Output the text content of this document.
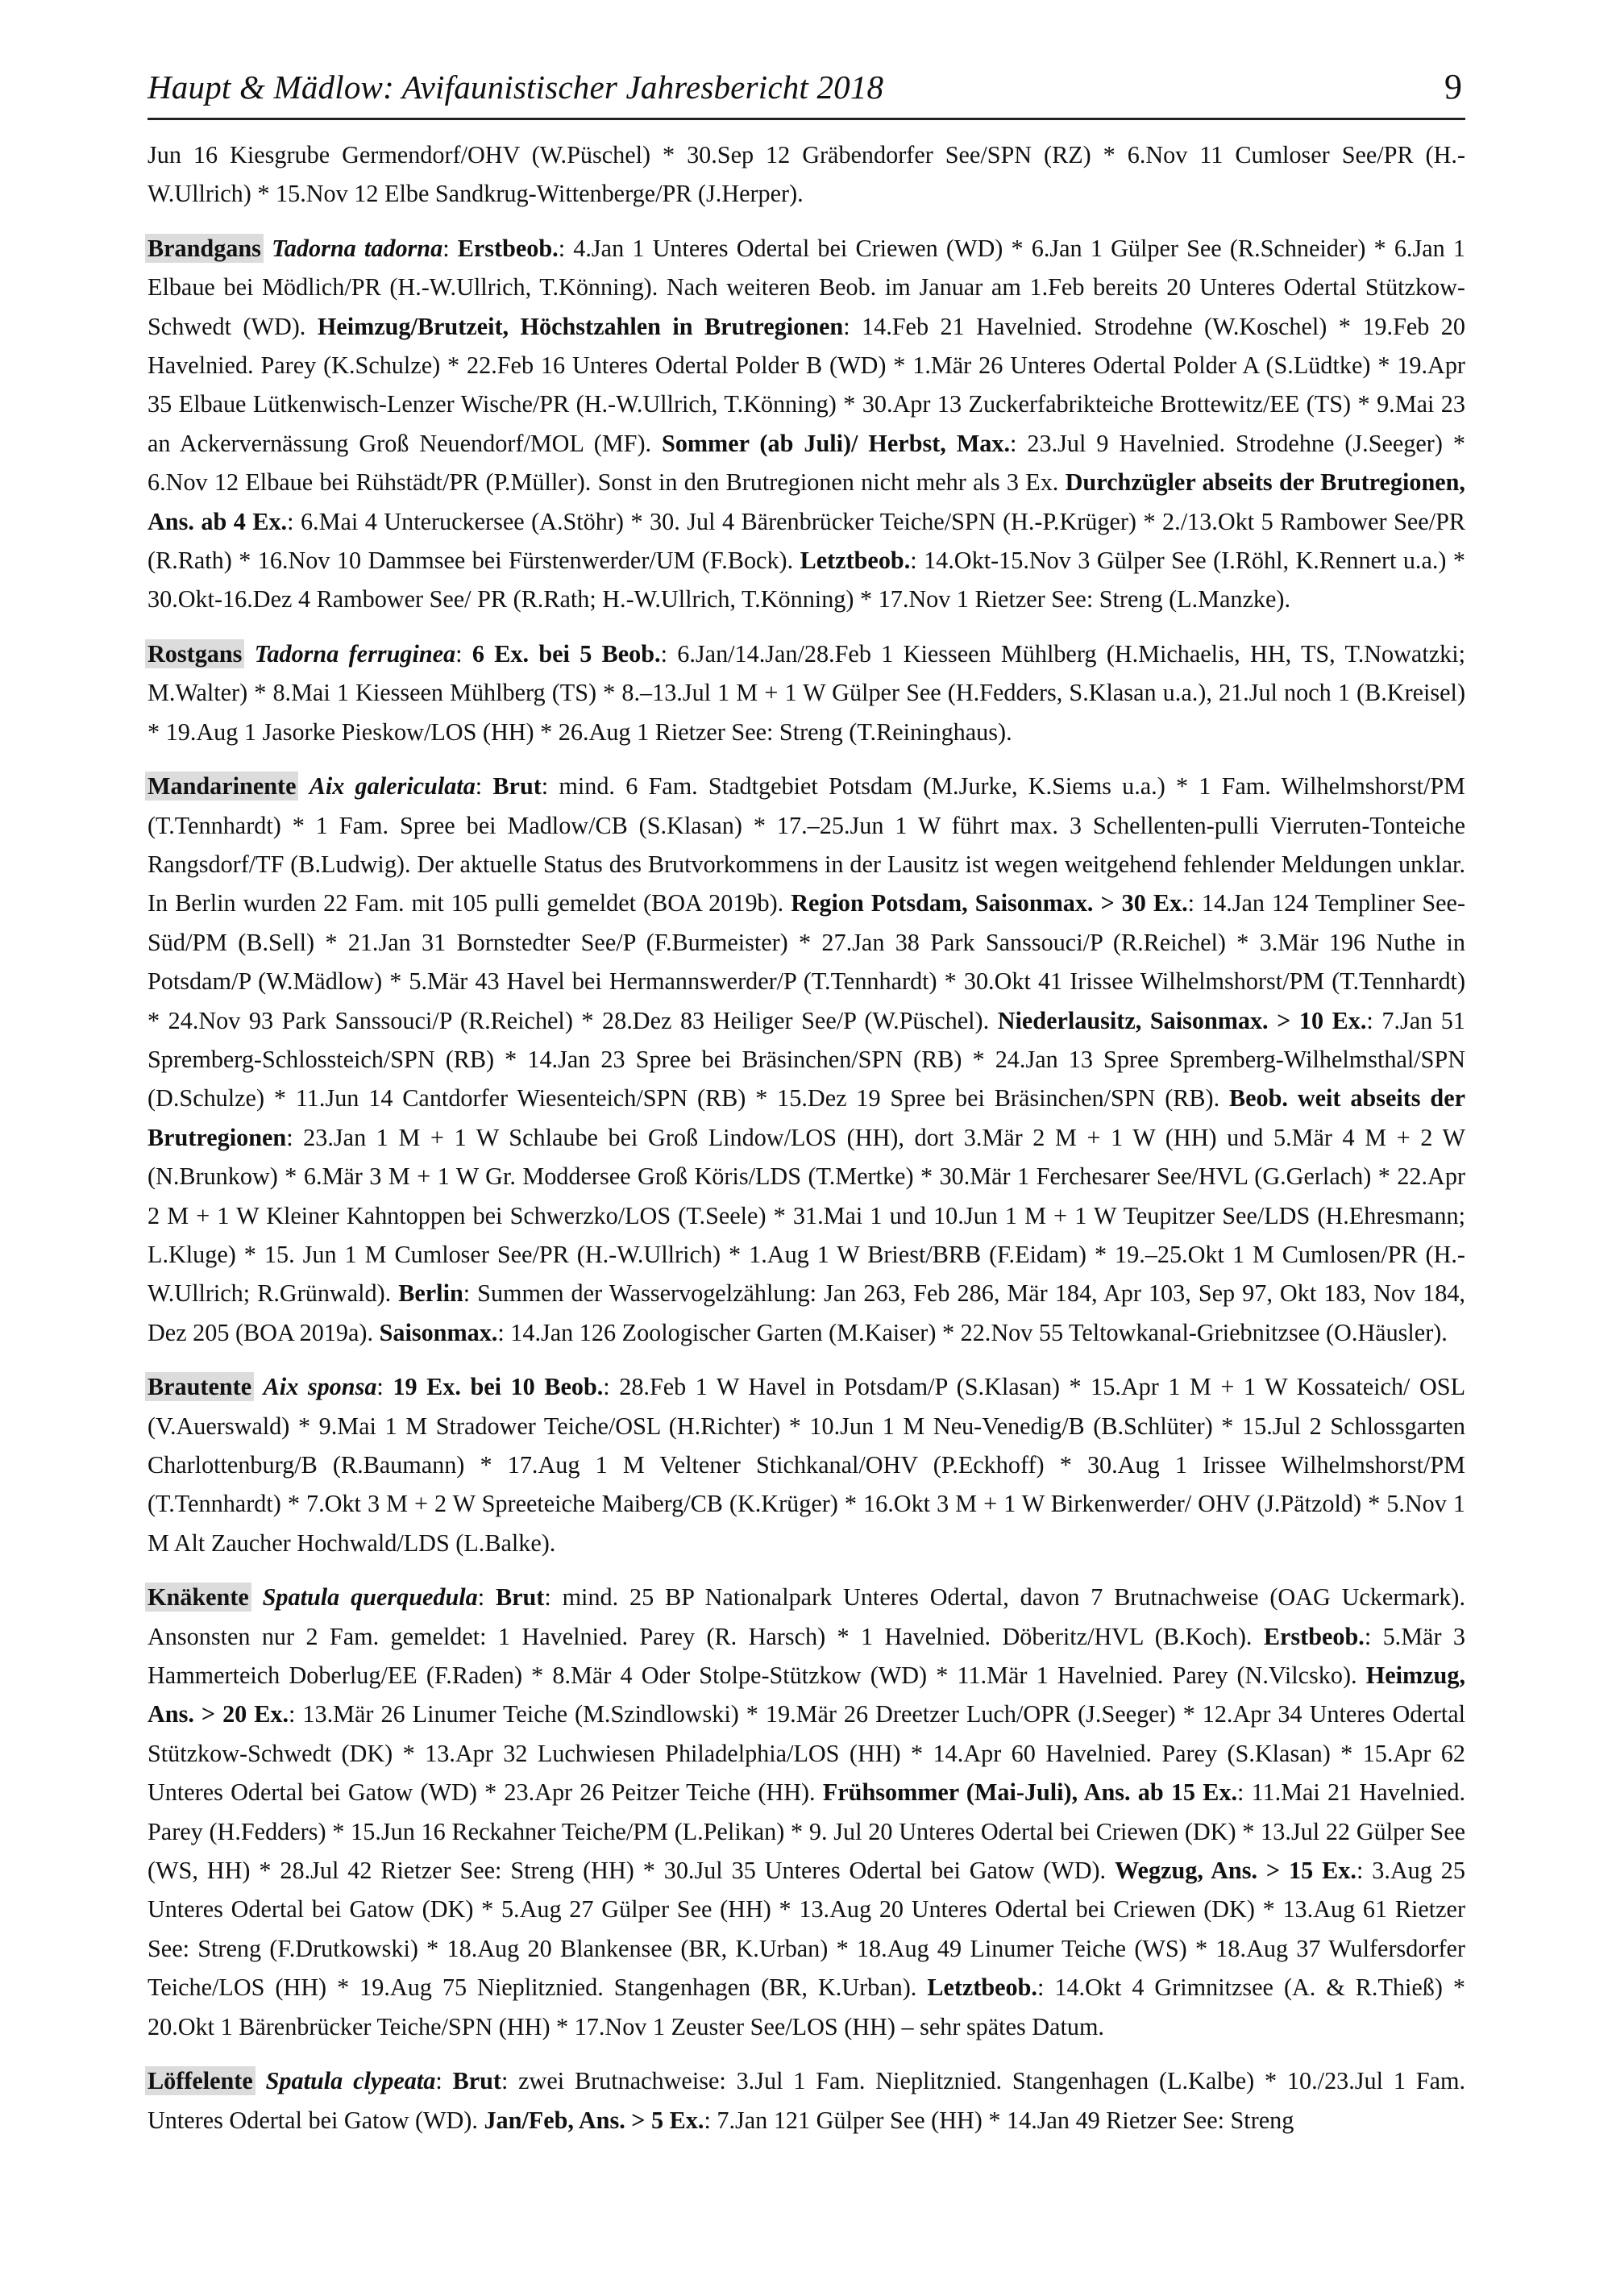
Haupt & Mädlow: Avifaunistischer Jahresbericht 2018	9

Jun 16 Kiesgrube Germendorf/OHV (W.Püschel) * 30.Sep 12 Gräbendorfer See/SPN (RZ) * 6.Nov 11 Cumloser See/PR (H.-W.Ullrich) * 15.Nov 12 Elbe Sandkrug-Wittenberge/PR (J.Herper).

Brandgans Tadorna tadorna: Erstbeob.: 4.Jan 1 Unteres Odertal bei Criewen (WD) * 6.Jan 1 Gülper See (R.Schneider) * 6.Jan 1 Elbaue bei Mödlich/PR (H.-W.Ullrich, T.Könning). Nach weiteren Beob. im Januar am 1.Feb bereits 20 Unteres Odertal Stützkow-Schwedt (WD). Heimzug/Brutzeit, Höchstzahlen in Brutregionen: 14.Feb 21 Havelnied. Strodehne (W.Koschel) * 19.Feb 20 Havelnied. Parey (K.Schulze) * 22.Feb 16 Unteres Odertal Polder B (WD) * 1.Mär 26 Unteres Odertal Polder A (S.Lüdtke) * 19.Apr 35 Elbaue Lütkenwisch-Lenzer Wische/PR (H.-W.Ullrich, T.Könning) * 30.Apr 13 Zuckerfabrikteiche Brottewitz/EE (TS) * 9.Mai 23 an Ackervernässung Groß Neuendorf/MOL (MF). Sommer (ab Juli)/ Herbst, Max.: 23.Jul 9 Havelnied. Strodehne (J.Seeger) * 6.Nov 12 Elbaue bei Rühstädt/PR (P.Müller). Sonst in den Brutregionen nicht mehr als 3 Ex. Durchzügler abseits der Brutregionen, Ans. ab 4 Ex.: 6.Mai 4 Unteruckersee (A.Stöhr) * 30. Jul 4 Bärenbrücker Teiche/SPN (H.-P.Krüger) * 2./13.Okt 5 Rambower See/PR (R.Rath) * 16.Nov 10 Dammsee bei Fürstenwerder/UM (F.Bock). Letztbeob.: 14.Okt-15.Nov 3 Gülper See (I.Röhl, K.Rennert u.a.) * 30.Okt-16.Dez 4 Rambower See/ PR (R.Rath; H.-W.Ullrich, T.Könning) * 17.Nov 1 Rietzer See: Streng (L.Manzke).

Rostgans Tadorna ferruginea: 6 Ex. bei 5 Beob.: 6.Jan/14.Jan/28.Feb 1 Kiesseen Mühlberg (H.Michaelis, HH, TS, T.Nowatzki; M.Walter) * 8.Mai 1 Kiesseen Mühlberg (TS) * 8.–13.Jul 1 M + 1 W Gülper See (H.Fedders, S.Klasan u.a.), 21.Jul noch 1 (B.Kreisel) * 19.Aug 1 Jasorke Pieskow/LOS (HH) * 26.Aug 1 Rietzer See: Streng (T.Reininghaus).

Mandarinente Aix galericulata: Brut: mind. 6 Fam. Stadtgebiet Potsdam (M.Jurke, K.Siems u.a.) * 1 Fam. Wilhelmshorst/PM (T.Tennhardt) * 1 Fam. Spree bei Madlow/CB (S.Klasan) * 17.–25.Jun 1 W führt max. 3 Schellenten-pulli Vierruten-Tonteiche Rangsdorf/TF (B.Ludwig). Der aktuelle Status des Brutvorkommens in der Lausitz ist wegen weitgehend fehlender Meldungen unklar. In Berlin wurden 22 Fam. mit 105 pulli gemeldet (BOA 2019b). Region Potsdam, Saisonmax. > 30 Ex.: 14.Jan 124 Templiner See-Süd/PM (B.Sell) * 21.Jan 31 Bornstedter See/P (F.Burmeister) * 27.Jan 38 Park Sanssouci/P (R.Reichel) * 3.Mär 196 Nuthe in Potsdam/P (W.Mädlow) * 5.Mär 43 Havel bei Hermannswerder/P (T.Tennhardt) * 30.Okt 41 Irissee Wilhelmshorst/PM (T.Tennhardt) * 24.Nov 93 Park Sanssouci/P (R.Reichel) * 28.Dez 83 Heiliger See/P (W.Püschel). Niederlausitz, Saisonmax. > 10 Ex.: 7.Jan 51 Spremberg-Schlossteich/SPN (RB) * 14.Jan 23 Spree bei Bräsinchen/SPN (RB) * 24.Jan 13 Spree Spremberg-Wilhelmsthal/SPN (D.Schulze) * 11.Jun 14 Cantdorfer Wiesenteich/SPN (RB) * 15.Dez 19 Spree bei Bräsinchen/SPN (RB). Beob. weit abseits der Brutregionen: 23.Jan 1 M + 1 W Schlaube bei Groß Lindow/LOS (HH), dort 3.Mär 2 M + 1 W (HH) und 5.Mär 4 M + 2 W (N.Brunkow) * 6.Mär 3 M + 1 W Gr. Moddersee Groß Köris/LDS (T.Mertke) * 30.Mär 1 Ferchesarer See/HVL (G.Gerlach) * 22.Apr 2 M + 1 W Kleiner Kahntoppen bei Schwerzko/LOS (T.Seele) * 31.Mai 1 und 10.Jun 1 M + 1 W Teupitzer See/LDS (H.Ehresmann; L.Kluge) * 15. Jun 1 M Cumloser See/PR (H.-W.Ullrich) * 1.Aug 1 W Briest/BRB (F.Eidam) * 19.–25.Okt 1 M Cumlosen/PR (H.-W.Ullrich; R.Grünwald). Berlin: Summen der Wasservogelzählung: Jan 263, Feb 286, Mär 184, Apr 103, Sep 97, Okt 183, Nov 184, Dez 205 (BOA 2019a). Saisonmax.: 14.Jan 126 Zoologischer Garten (M.Kaiser) * 22.Nov 55 Teltowkanal-Griebnitzsee (O.Häusler).

Brautente Aix sponsa: 19 Ex. bei 10 Beob.: 28.Feb 1 W Havel in Potsdam/P (S.Klasan) * 15.Apr 1 M + 1 W Kossateich/ OSL (V.Auerswald) * 9.Mai 1 M Stradower Teiche/OSL (H.Richter) * 10.Jun 1 M Neu-Venedig/B (B.Schlüter) * 15.Jul 2 Schlossgarten Charlottenburg/B (R.Baumann) * 17.Aug 1 M Veltener Stichkanal/OHV (P.Eckhoff) * 30.Aug 1 Irissee Wilhelmshorst/PM (T.Tennhardt) * 7.Okt 3 M + 2 W Spreeteiche Maiberg/CB (K.Krüger) * 16.Okt 3 M + 1 W Birkenwerder/ OHV (J.Pätzold) * 5.Nov 1 M Alt Zaucher Hochwald/LDS (L.Balke).

Knäkente Spatula querquedula: Brut: mind. 25 BP Nationalpark Unteres Odertal, davon 7 Brutnachweise (OAG Uckermark). Ansonsten nur 2 Fam. gemeldet: 1 Havelnied. Parey (R. Harsch) * 1 Havelnied. Döberitz/HVL (B.Koch). Erstbeob.: 5.Mär 3 Hammerteich Doberlug/EE (F.Raden) * 8.Mär 4 Oder Stolpe-Stützkow (WD) * 11.Mär 1 Havelnied. Parey (N.Vilcsko). Heimzug, Ans. > 20 Ex.: 13.Mär 26 Linumer Teiche (M.Szindlowski) * 19.Mär 26 Dreetzer Luch/OPR (J.Seeger) * 12.Apr 34 Unteres Odertal Stützkow-Schwedt (DK) * 13.Apr 32 Luchwiesen Philadelphia/LOS (HH) * 14.Apr 60 Havelnied. Parey (S.Klasan) * 15.Apr 62 Unteres Odertal bei Gatow (WD) * 23.Apr 26 Peitzer Teiche (HH). Frühsommer (Mai-Juli), Ans. ab 15 Ex.: 11.Mai 21 Havelnied. Parey (H.Fedders) * 15.Jun 16 Reckahner Teiche/PM (L.Pelikan) * 9. Jul 20 Unteres Odertal bei Criewen (DK) * 13.Jul 22 Gülper See (WS, HH) * 28.Jul 42 Rietzer See: Streng (HH) * 30.Jul 35 Unteres Odertal bei Gatow (WD). Wegzug, Ans. > 15 Ex.: 3.Aug 25 Unteres Odertal bei Gatow (DK) * 5.Aug 27 Gülper See (HH) * 13.Aug 20 Unteres Odertal bei Criewen (DK) * 13.Aug 61 Rietzer See: Streng (F.Drutkowski) * 18.Aug 20 Blankensee (BR, K.Urban) * 18.Aug 49 Linumer Teiche (WS) * 18.Aug 37 Wulfersdorfer Teiche/LOS (HH) * 19.Aug 75 Nieplitznied. Stangenhagen (BR, K.Urban). Letztbeob.: 14.Okt 4 Grimnitzsee (A. & R.Thieß) * 20.Okt 1 Bärenbrücker Teiche/SPN (HH) * 17.Nov 1 Zeuster See/LOS (HH) – sehr spätes Datum.

Löffelente Spatula clypeata: Brut: zwei Brutnachweise: 3.Jul 1 Fam. Nieplitznied. Stangenhagen (L.Kalbe) * 10./23.Jul 1 Fam. Unteres Odertal bei Gatow (WD). Jan/Feb, Ans. > 5 Ex.: 7.Jan 121 Gülper See (HH) * 14.Jan 49 Rietzer See: Streng
